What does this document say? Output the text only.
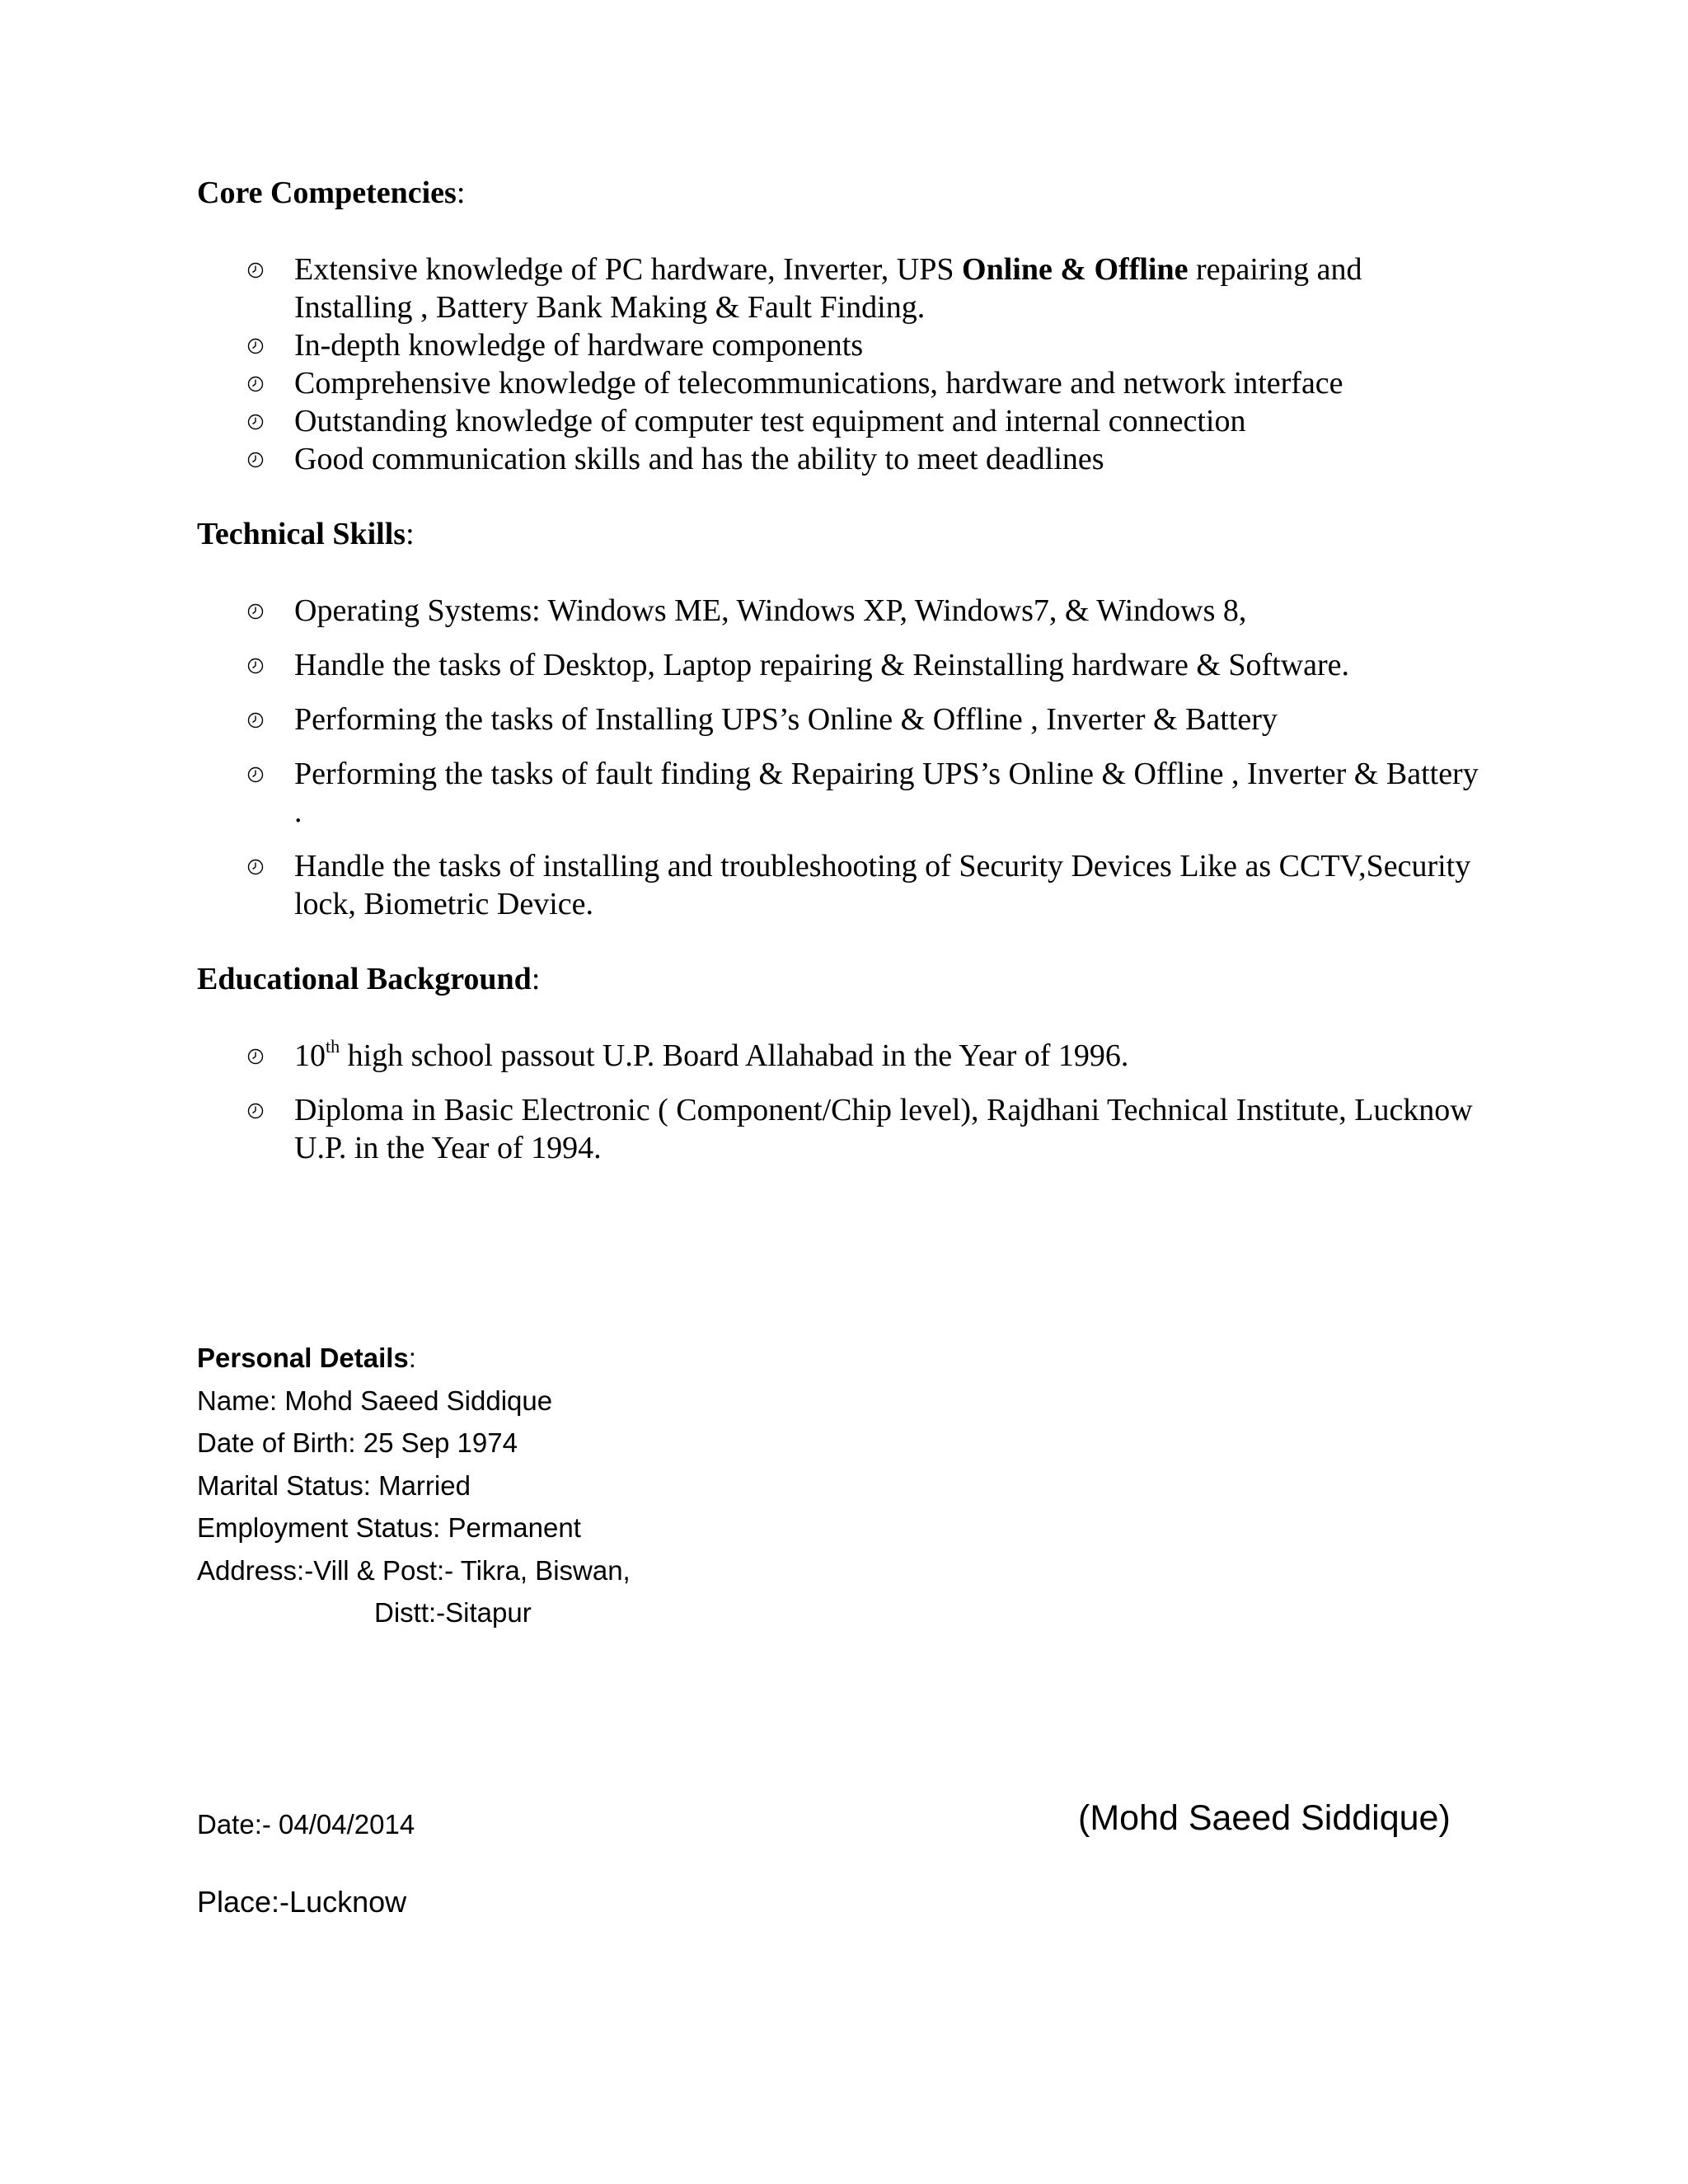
Core Competencies:
Extensive knowledge of PC hardware, Inverter, UPS Online & Offline repairing and Installing , Battery Bank Making & Fault Finding.
In-depth knowledge of hardware components
Comprehensive knowledge of telecommunications, hardware and network interface
Outstanding knowledge of computer test equipment and internal connection
Good communication skills and has the ability to meet deadlines
Technical Skills:
Operating Systems: Windows ME, Windows XP, Windows7, & Windows 8,
Handle the tasks of Desktop, Laptop repairing & Reinstalling hardware & Software.
Performing the tasks of Installing UPS’s Online & Offline , Inverter & Battery
Performing the tasks of fault finding & Repairing UPS’s Online & Offline , Inverter & Battery .
Handle the tasks of installing and troubleshooting of Security Devices Like as CCTV,Security lock, Biometric Device.
Educational Background:
10th high school passout U.P. Board Allahabad in the Year of 1996.
Diploma in Basic Electronic ( Component/Chip level), Rajdhani Technical Institute, Lucknow U.P. in the Year of 1994.
Personal Details:
Name: Mohd Saeed Siddique
Date of Birth: 25 Sep 1974
Marital Status: Married
Employment Status: Permanent
Address:-Vill & Post:- Tikra, Biswan,
Distt:-Sitapur
Date:- 04/04/2014	(Mohd Saeed Siddique)
Place:-Lucknow
